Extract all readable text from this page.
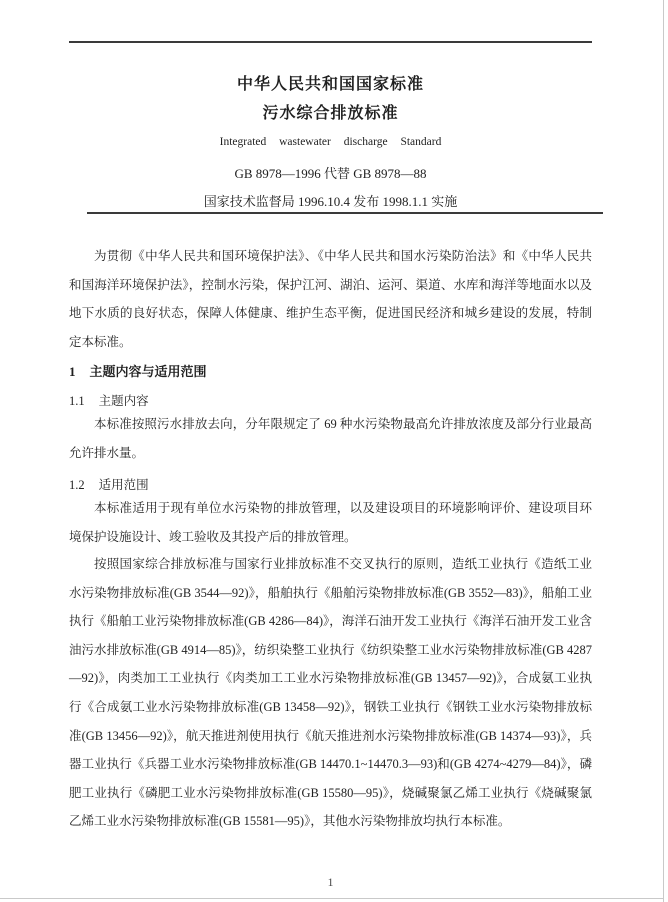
中华人民共和国国家标准
污水综合排放标准
Integrated wastewater discharge Standard
GB 8978—1996 代替 GB 8978—88
国家技术监督局 1996.10.4 发布 1998.1.1 实施
为贯彻《中华人民共和国环境保护法》、《中华人民共和国水污染防治法》和《中华人民共和国海洋环境保护法》，控制水污染，保护江河、湖泊、运河、渠道、水库和海洋等地面水以及地下水质的良好状态，保障人体健康、维护生态平衡，促进国民经济和城乡建设的发展，特制定本标准。
1 主题内容与适用范围
1.1 主题内容
本标准按照污水排放去向，分年限规定了 69 种水污染物最高允许排放浓度及部分行业最高允许排水量。
1.2 适用范围
本标准适用于现有单位水污染物的排放管理，以及建设项目的环境影响评价、建设项目环境保护设施设计、竣工验收及其投产后的排放管理。
按照国家综合排放标准与国家行业排放标准不交叉执行的原则，造纸工业执行《造纸工业水污染物排放标准(GB 3544—92)》，船舶执行《船舶污染物排放标准(GB 3552—83)》，船舶工业执行《船舶工业污染物排放标准(GB 4286—84)》，海洋石油开发工业执行《海洋石油开发工业含油污水排放标准(GB 4914—85)》，纺织染整工业执行《纺织染整工业水污染物排放标准(GB 4287—92)》，肉类加工工业执行《肉类加工工业水污染物排放标准(GB 13457—92)》，合成氨工业执行《合成氨工业水污染物排放标准(GB 13458—92)》，钢铁工业执行《钢铁工业水污染物排放标准(GB 13456—92)》，航天推进剂使用执行《航天推进剂水污染物排放标准(GB 14374—93)》，兵器工业执行《兵器工业水污染物排放标准(GB 14470.1~14470.3—93)和(GB 4274~4279—84)》，磷肥工业执行《磷肥工业水污染物排放标准(GB 15580—95)》，烧碱聚氯乙烯工业执行《烧碱聚氯乙烯工业水污染物排放标准(GB 15581—95)》，其他水污染物排放均执行本标准。
1
